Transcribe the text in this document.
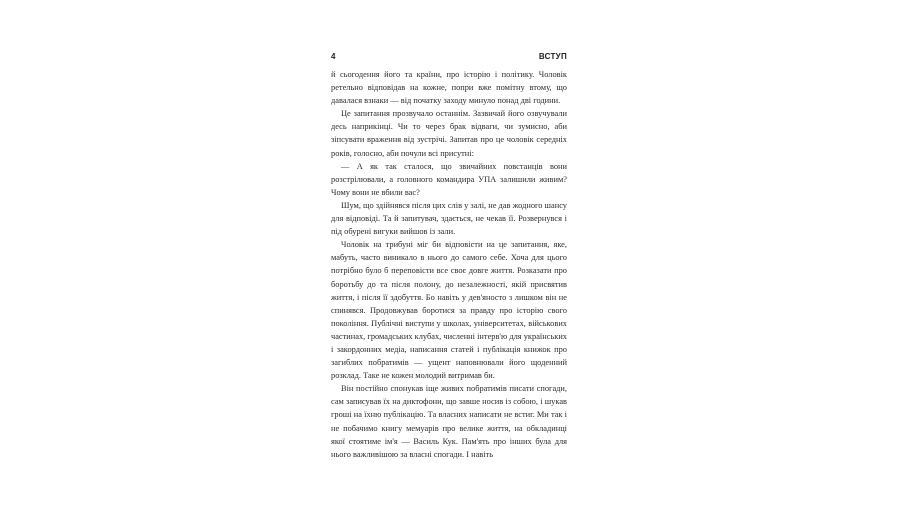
4	ВСТУП

й сьогодення його та країни, про історію і політику. Чоловік ретельно відповідав на кожне, попри вже помітну втому, що давалася взнаки — від початку заходу минуло понад дві години.

Це запитання прозвучало останнім. Зазвичай його озвучували десь наприкінці. Чи то через брак відваги, чи зумисно, аби зіпсувати враження від зустрічі. Запитав про це чоловік середніх років, голосно, аби почули всі присутні:

— А як так сталося, що звичайних повстанців вони розстрілювали, а головного командира УПА залишили живим? Чому вони не вбили вас?

Шум, що здійнявся після цих слів у залі, не дав жодного шансу для відповіді. Та й запитувач, здається, не чекав її. Розвернувся і під обурені вигуки вийшов із зали.

Чоловік на трибуні міг би відповісти на це запитання, яке, мабуть, часто виникало в нього до самого себе. Хоча для цього потрібно було б переповісти все своє довге життя. Розказати про боротьбу до та після полону, до незалежності, якій присвятив життя, і після її здобуття. Бо навіть у дев'яносто з лишком він не спинявся. Продовжував боротися за правду про історію свого покоління. Публічні виступи у школах, університетах, військових частинах, громадських клубах, численні інтерв'ю для українських і закордонних медіа, написання статей і публікація книжок про загиблих побратимів — ущент наповнювали його щоденний розклад. Таке не кожен молодий витримав би.

Він постійно спонукав іще живих побратимів писати спогади, сам записував їх на диктофони, що завше носив із собою, і шукав гроші на їхню публікацію. Та власних написати не встиг. Ми так і не побачимо книгу мемуарів про велике життя, на обкладинці якої стоятиме ім'я — Василь Кук. Пам'ять про інших була для нього важливішою за власні спогади. І навіть
